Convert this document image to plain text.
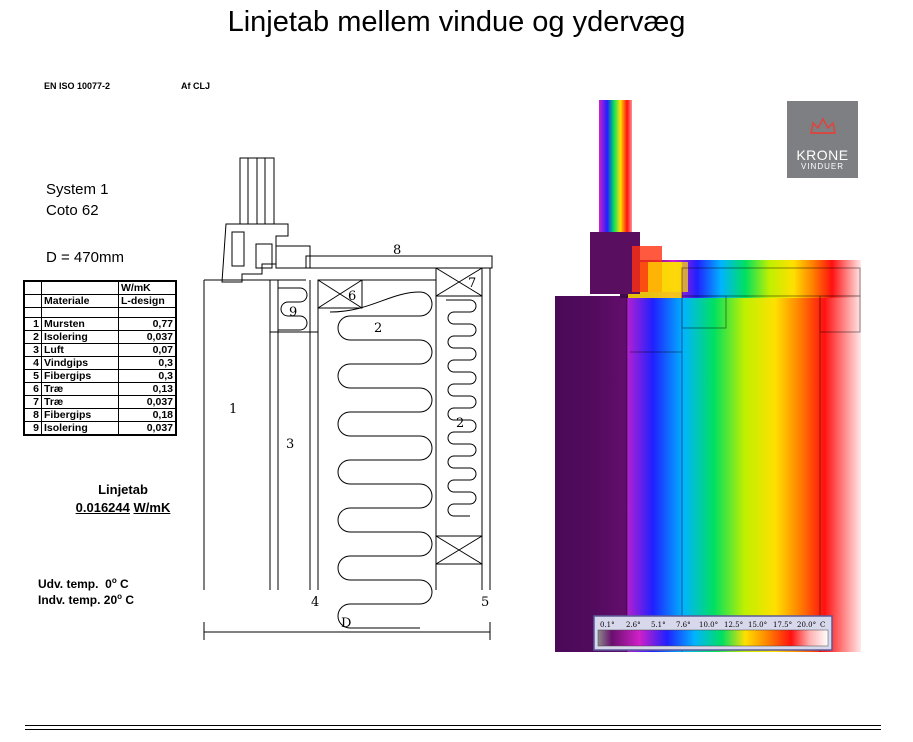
Linjetab mellem vindue og ydervæg
EN ISO 10077-2	Af CLJ
System 1
Coto 62
D = 470mm
		W/mK
	Materiale	L-design

1	Mursten	0,77
2	Isolering	0,037
3	Luft	0,07
4	Vindgips	0,3
5	Fibergips	0,3
6	Træ	0,13
7	Træ	0,037
8	Fibergips	0,18
9	Isolering	0,037
Linjetab
0.016244 W/mK
Udv. temp. 0$^o$ C
Indv. temp. 20$^o$ C
1
2
2
3
4	5
6
7
8
9
D	0.1° 2.6° 5.1° 7.6° 10.0° 12.5° 15.0° 17.5° 20.0° C
KRONE
VINDUER
